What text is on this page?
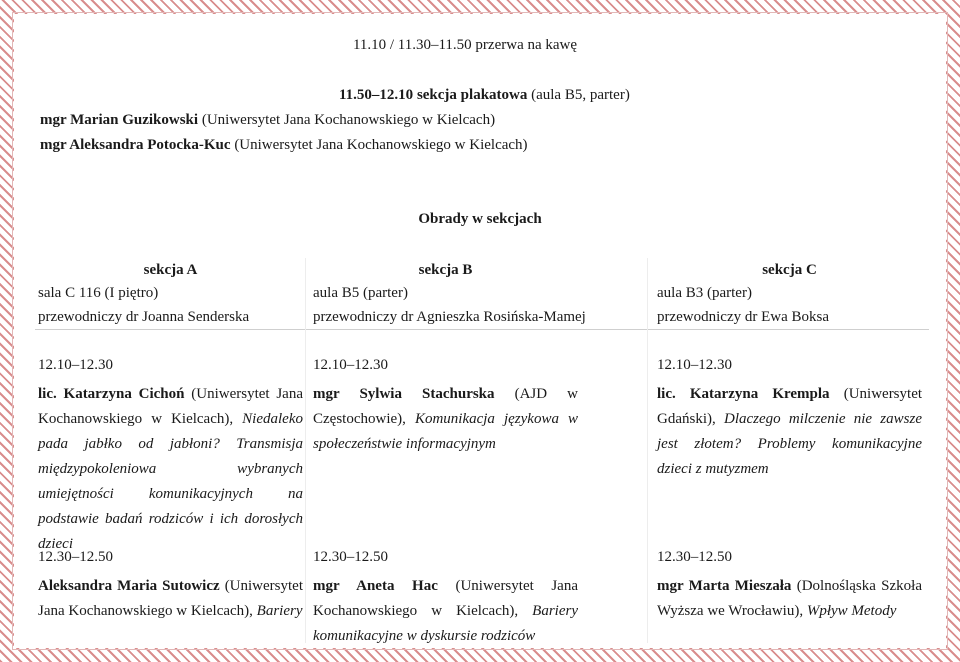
11.10 / 11.30–11.50 przerwa na kawę
11.50–12.10 sekcja plakatowa (aula B5, parter)
mgr Marian Guzikowski (Uniwersytet Jana Kochanowskiego w Kielcach)
mgr Aleksandra Potocka-Kuc (Uniwersytet Jana Kochanowskiego w Kielcach)
Obrady w sekcjach
sekcja A
sala C 116 (I piętro)
przewodniczy dr Joanna Senderska
sekcja B
aula B5 (parter)
przewodniczy dr Agnieszka Rosińska-Mamej
sekcja C
aula B3 (parter)
przewodniczy dr Ewa Boksa
12.10–12.30
lic. Katarzyna Cichoń (Uniwersytet Jana Kochanowskiego w Kielcach), Niedaleko pada jabłko od jabłoni? Transmisja międzypokoleniowa wybranych umiejętności komunikacyjnych na podstawie badań rodziców i ich dorosłych dzieci
12.10–12.30
mgr Sylwia Stachurska (AJD w Częstochowie), Komunikacja językowa w społeczeństwie informacyjnym
12.10–12.30
lic. Katarzyna Krempla (Uniwersytet Gdański), Dlaczego milczenie nie zawsze jest złotem? Problemy komunikacyjne dzieci z mutyzmem
12.30–12.50
Aleksandra Maria Sutowicz (Uniwersytet Jana Kochanowskiego w Kielcach), Bariery
12.30–12.50
mgr Aneta Hac (Uniwersytet Jana Kochanowskiego w Kielcach), Bariery komunikacyjne w dyskursie rodziców
12.30–12.50
mgr Marta Mieszała (Dolnośląska Szkoła Wyższa we Wrocławiu), Wpływ Metody
